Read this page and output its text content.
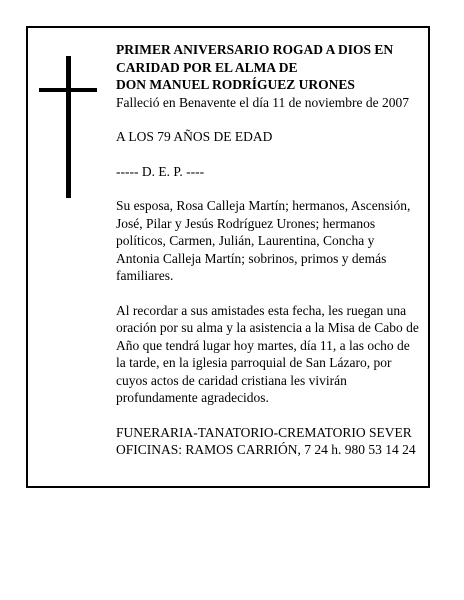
PRIMER ANIVERSARIO ROGAD A DIOS EN

CARIDAD POR EL ALMA DE

DON MANUEL RODRÍGUEZ URONES

Falleció en Benavente el día 11 de noviembre de 2007

A LOS 79 AÑOS DE EDAD

----- D. E. P. ----

Su esposa, Rosa Calleja Martín; hermanos, Ascensión,
José, Pilar y Jesús Rodríguez Urones; hermanos
políticos, Carmen, Julián, Laurentina, Concha y
Antonia Calleja Martín; sobrinos, primos y demás
familiares.

Al recordar a sus amistades esta fecha, les ruegan una
oración por su alma y la asistencia a la Misa de Cabo de
Año que tendrá lugar hoy martes, día 11, a las ocho de
la tarde, en la iglesia parroquial de San Lázaro, por
cuyos actos de caridad cristiana les vivirán
profundamente agradecidos.

FUNERARIA-TANATORIO-CREMATORIO SEVER

OFICINAS: RAMOS CARRIÓN, 7 24 h. 980 53 14 24
